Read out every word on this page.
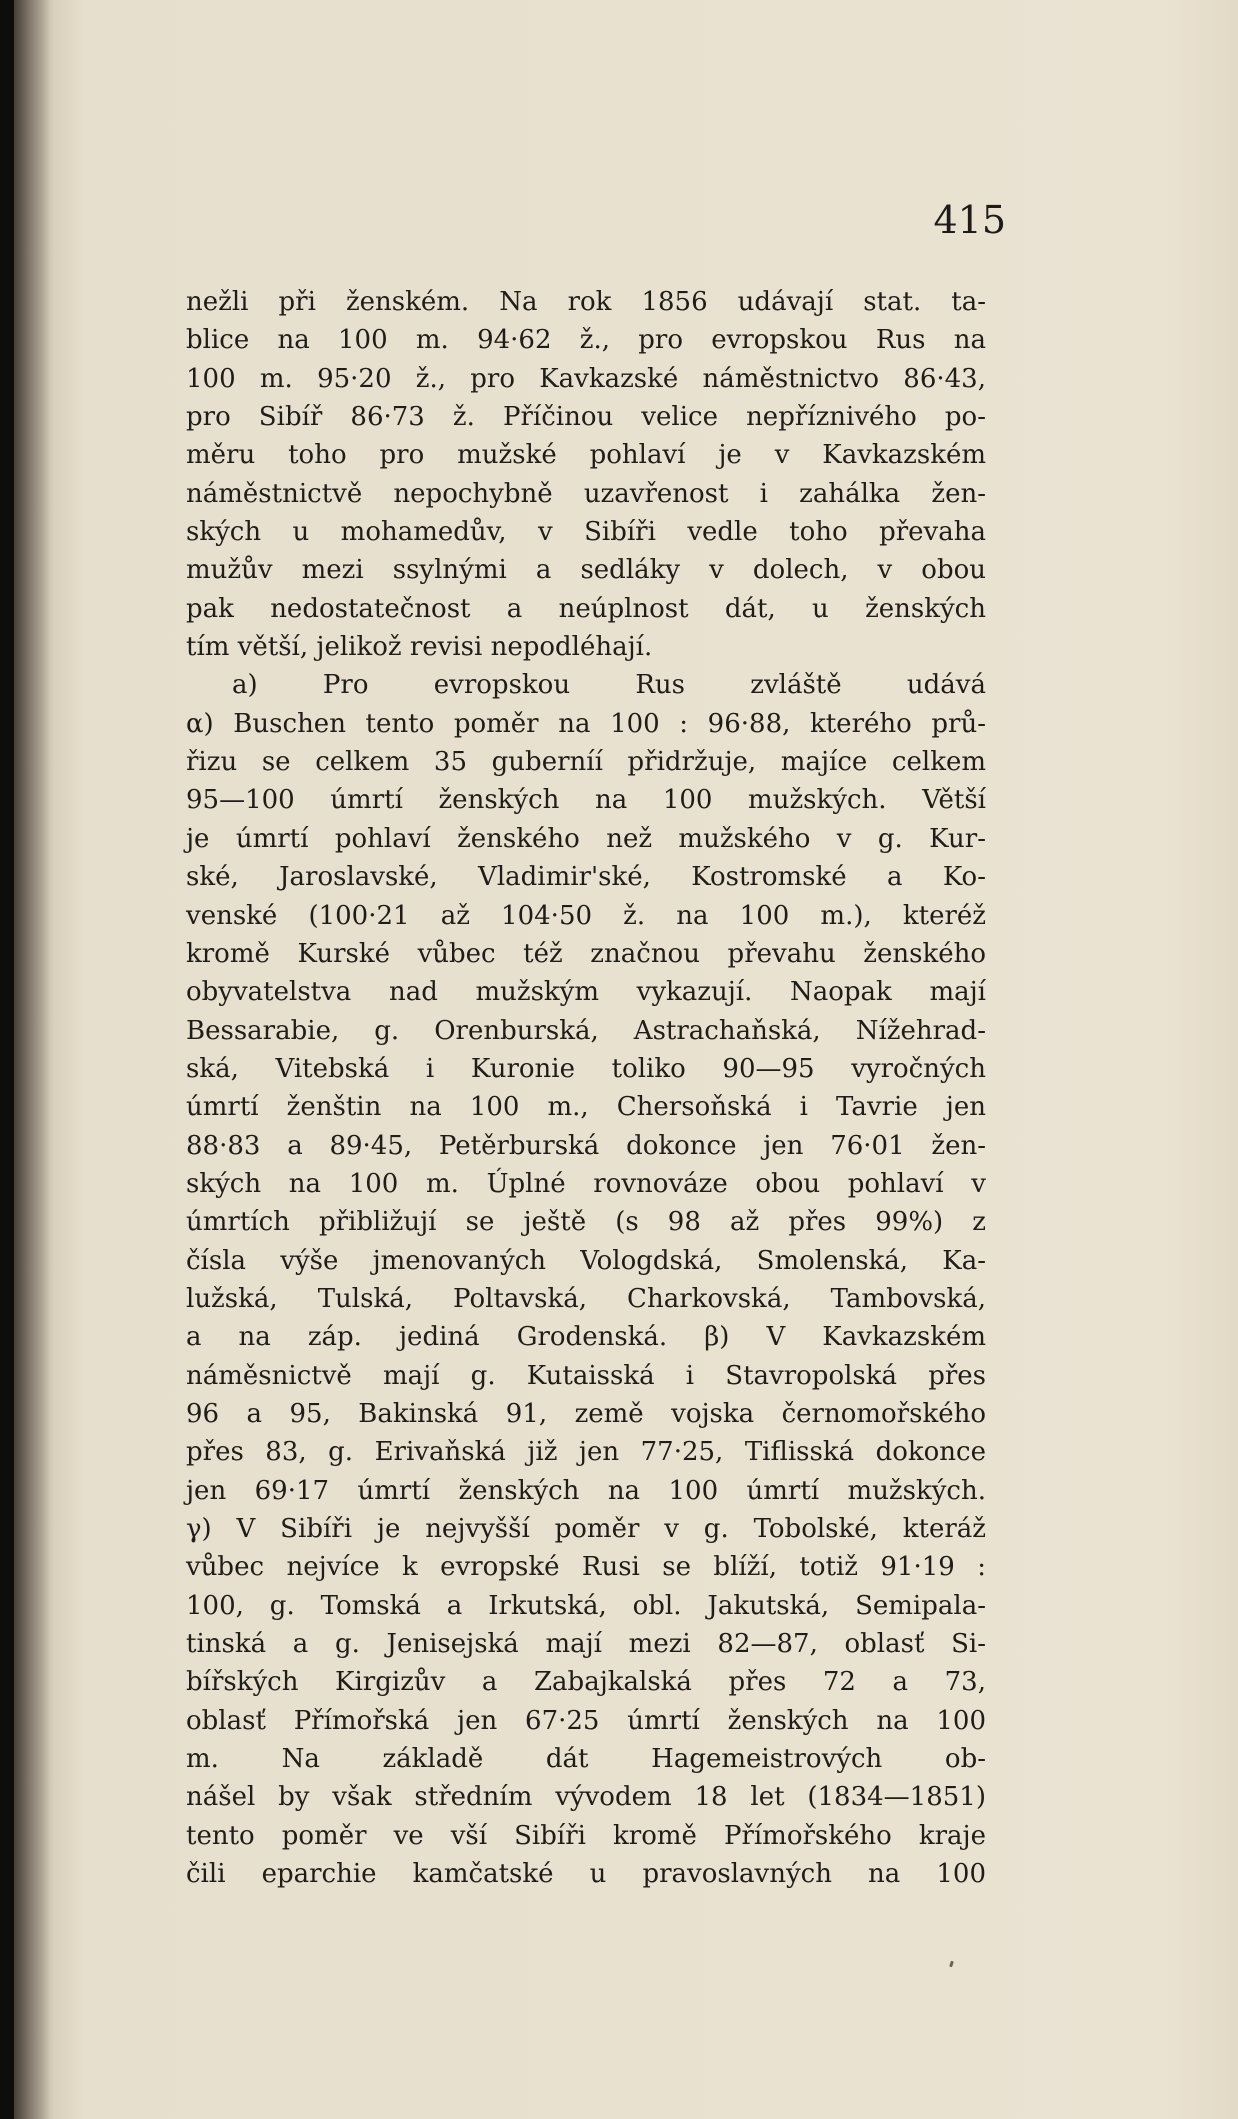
415
nežli při ženském. Na rok 1856 udávají stat. ta-
blice na 100 m. 94·62 ž., pro evropskou Rus na
100 m. 95·20 ž., pro Kavkazské náměstnictvo 86·43,
pro Sibíř 86·73 ž. Příčinou velice nepříznivého po-
měru toho pro mužské pohlaví je v Kavkazském
náměstnictvě nepochybně uzavřenost i zahálka žen-
ských u mohamedův, v Sibíři vedle toho převaha
mužův mezi ssylnými a sedláky v dolech, v obou
pak nedostatečnost a neúplnost dát, u ženských
tím větší, jelikož revisi nepodléhají.
a) Pro evropskou Rus zvláště udává
α) Buschen tento poměr na 100 : 96·88, kterého prů-
řizu se celkem 35 guberníí přidržuje, majíce celkem
95—100 úmrtí ženských na 100 mužských. Větší
je úmrtí pohlaví ženského než mužského v g. Kur-
ské, Jaroslavské, Vladimir'ské, Kostromské a Ko-
venské (100·21 až 104·50 ž. na 100 m.), kteréž
kromě Kurské vůbec též značnou převahu ženského
obyvatelstva nad mužským vykazují. Naopak mají
Bessarabie, g. Orenburská, Astrachaňská, Nížehrad-
ská, Vitebská i Kuronie toliko 90—95 vyročných
úmrtí ženštin na 100 m., Chersoňská i Tavrie jen
88·83 a 89·45, Petěrburská dokonce jen 76·01 žen-
ských na 100 m. Úplné rovnováze obou pohlaví v
úmrtích přibližují se ještě (s 98 až přes 99%) z
čísla výše jmenovaných Vologdská, Smolenská, Ka-
lužská, Tulská, Poltavská, Charkovská, Tambovská,
a na záp. jediná Grodenská. β) V Kavkazském
náměsnictvě mají g. Kutaisská i Stavropolská přes
96 a 95, Bakinská 91, země vojska černomořského
přes 83, g. Erivaňská již jen 77·25, Tiflisská dokonce
jen 69·17 úmrtí ženských na 100 úmrtí mužských.
γ) V Sibíři je nejvyšší poměr v g. Tobolské, kteráž
vůbec nejvíce k evropské Rusi se blíží, totiž 91·19 :
100, g. Tomská a Irkutská, obl. Jakutská, Semipala-
tinská a g. Jenisejská mají mezi 82—87, oblasť Si-
bířských Kirgizův a Zabajkalská přes 72 a 73,
oblasť Přímořská jen 67·25 úmrtí ženských na 100
m. Na základě dát Hagemeistrových ob-
nášel by však středním vývodem 18 let (1834—1851)
tento poměr ve vší Sibíři kromě Přímořského kraje
čili eparchie kamčatské u pravoslavných na 100
